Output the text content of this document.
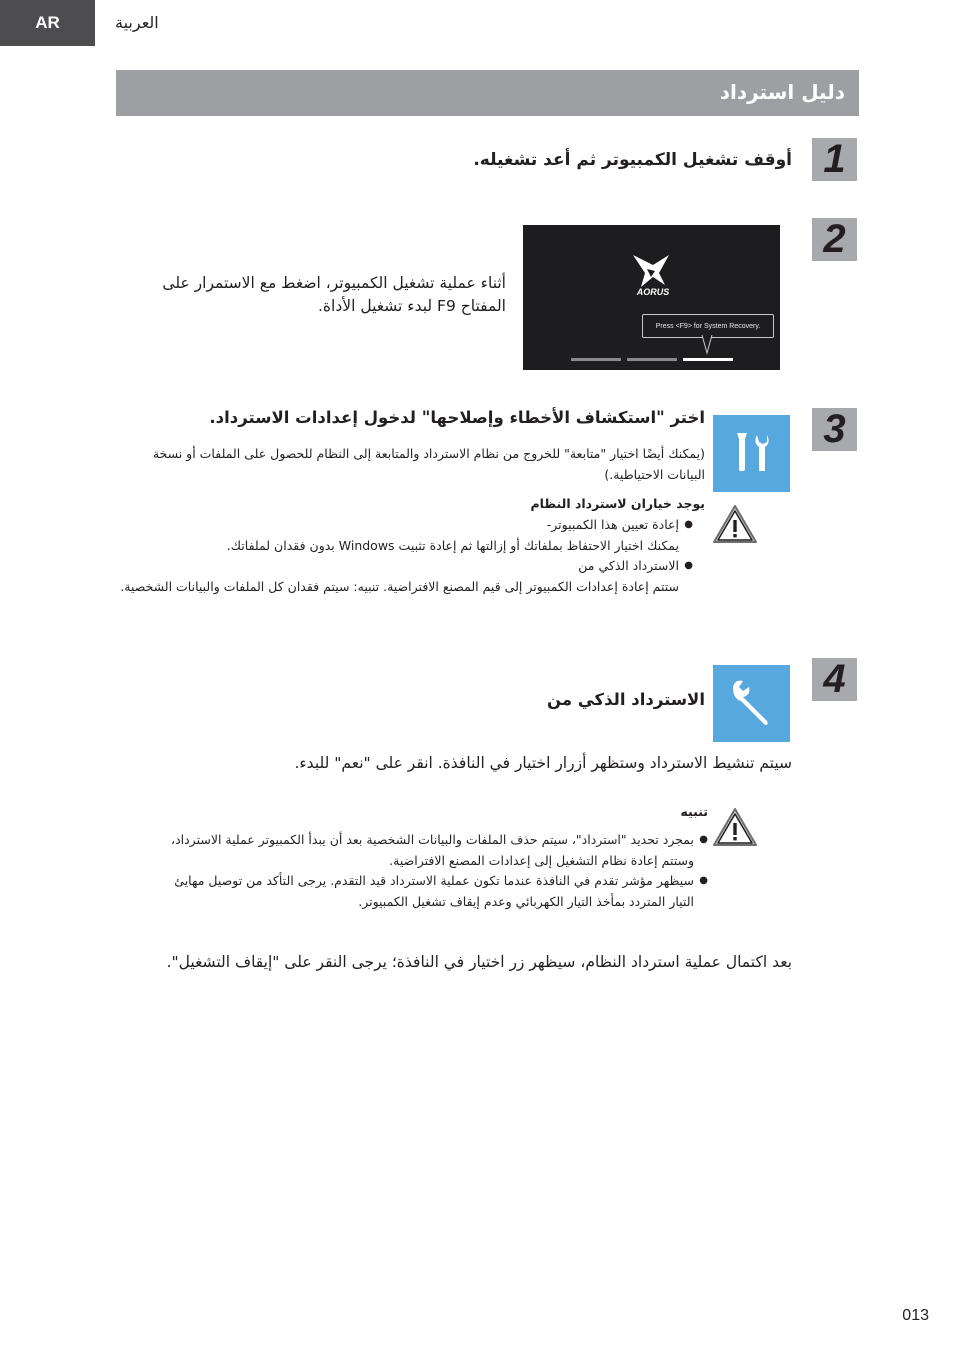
AR	العربية
دليل استرداد
1
أوقف تشغيل الكمبيوتر ثم أعد تشغيله.
2
أثناء عملية تشغيل الكمبيوتر، اضغط مع الاستمرار على المفتاح F9 لبدء تشغيل الأداة.
AORUS
Press <F9> for System Recovery.
3
اختر "استكشاف الأخطاء وإصلاحها" لدخول إعدادات الاسترداد.
(يمكنك أيضًا اختيار "متابعة" للخروج من نظام الاسترداد والمتابعة إلى النظام للحصول على الملفات أو نسخة البيانات الاحتياطية.)
يوجد خياران لاسترداد النظام
● إعادة تعيين هذا الكمبيوتر-
يمكنك اختيار الاحتفاظ بملفاتك أو إزالتها ثم إعادة تثبيت Windows بدون فقدان لملفاتك.
● الاسترداد الذكي من
ستتم إعادة إعدادات الكمبيوتر إلى قيم المصنع الافتراضية. تنبيه: سيتم فقدان كل الملفات والبيانات الشخصية.
4
الاسترداد الذكي من
سيتم تنشيط الاسترداد وستظهر أزرار اختيار في النافذة. انقر على "نعم" للبدء.
تنبيه
● بمجرد تحديد "استرداد"، سيتم حذف الملفات والبيانات الشخصية بعد أن يبدأ الكمبيوتر عملية الاسترداد،
وستتم إعادة نظام التشغيل إلى إعدادات المصنع الافتراضية.
● سيظهر مؤشر تقدم في النافذة عندما تكون عملية الاسترداد قيد التقدم. يرجى التأكد من توصيل مهايئ
التيار المتردد بمأخذ التيار الكهربائي وعدم إيقاف تشغيل الكمبيوتر.
بعد اكتمال عملية استرداد النظام، سيظهر زر اختيار في النافذة؛ يرجى النقر على "إيقاف التشغيل".
013
